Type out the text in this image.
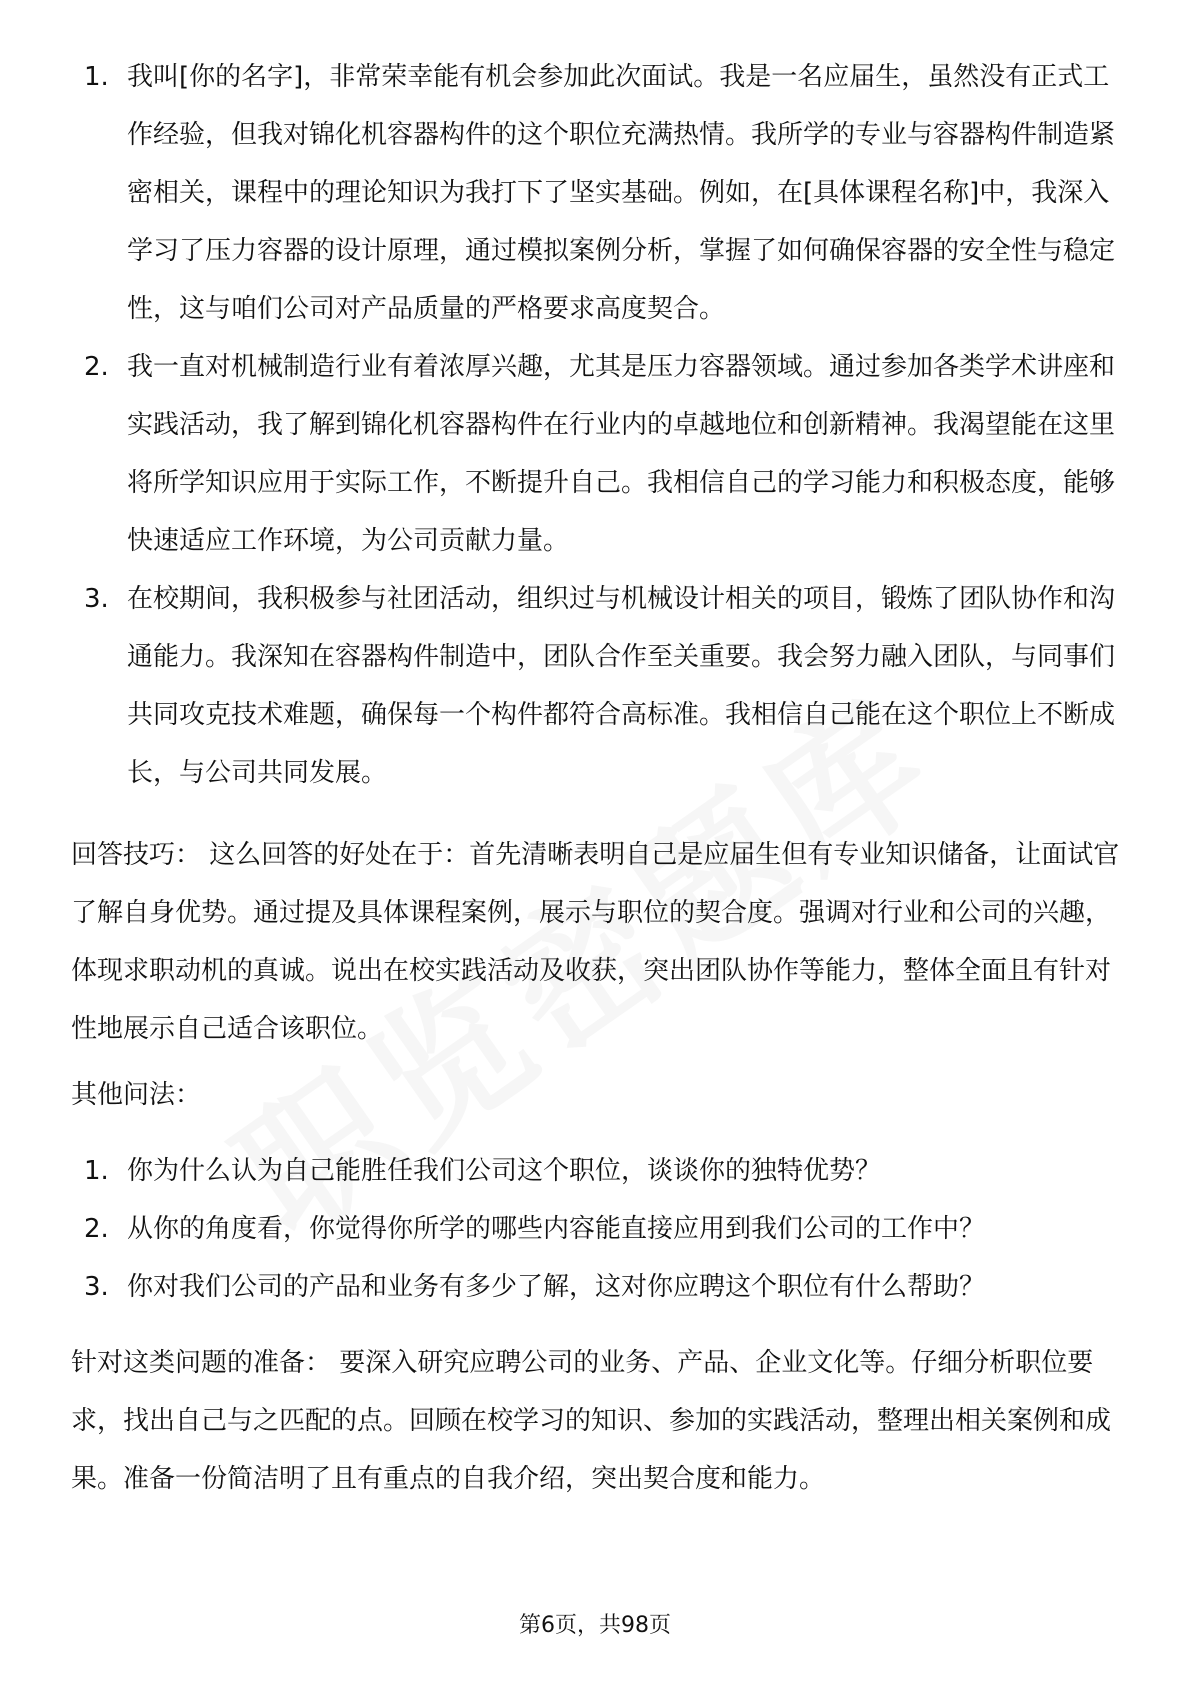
1. 我叫[你的名字]，非常荣幸能有机会参加此次面试。我是一名应届生，虽然没有正式工作经验，但我对锦化机容器构件的这个职位充满热情。我所学的专业与容器构件制造紧密相关，课程中的理论知识为我打下了坚实基础。例如，在[具体课程名称]中，我深入学习了压力容器的设计原理，通过模拟案例分析，掌握了如何确保容器的安全性与稳定性，这与咱们公司对产品质量的严格要求高度契合。
2. 我一直对机械制造行业有着浓厚兴趣，尤其是压力容器领域。通过参加各类学术讲座和实践活动，我了解到锦化机容器构件在行业内的卓越地位和创新精神。我渴望能在这里将所学知识应用于实际工作，不断提升自己。我相信自己的学习能力和积极态度，能够快速适应工作环境，为公司贡献力量。
3. 在校期间，我积极参与社团活动，组织过与机械设计相关的项目，锻炼了团队协作和沟通能力。我深知在容器构件制造中，团队合作至关重要。我会努力融入团队，与同事们共同攻克技术难题，确保每一个构件都符合高标准。我相信自己能在这个职位上不断成长，与公司共同发展。

回答技巧： 这么回答的好处在于：首先清晰表明自己是应届生但有专业知识储备，让面试官了解自身优势。通过提及具体课程案例，展示与职位的契合度。强调对行业和公司的兴趣，体现求职动机的真诚。说出在校实践活动及收获，突出团队协作等能力，整体全面且有针对性地展示自己适合该职位。

其他问法：

1. 你为什么认为自己能胜任我们公司这个职位，谈谈你的独特优势？
2. 从你的角度看，你觉得你所学的哪些内容能直接应用到我们公司的工作中？
3. 你对我们公司的产品和业务有多少了解，这对你应聘这个职位有什么帮助？

针对这类问题的准备： 要深入研究应聘公司的业务、产品、企业文化等。仔细分析职位要求，找出自己与之匹配的点。回顾在校学习的知识、参加的实践活动，整理出相关案例和成果。准备一份简洁明了且有重点的自我介绍，突出契合度和能力。

第6页，共98页
